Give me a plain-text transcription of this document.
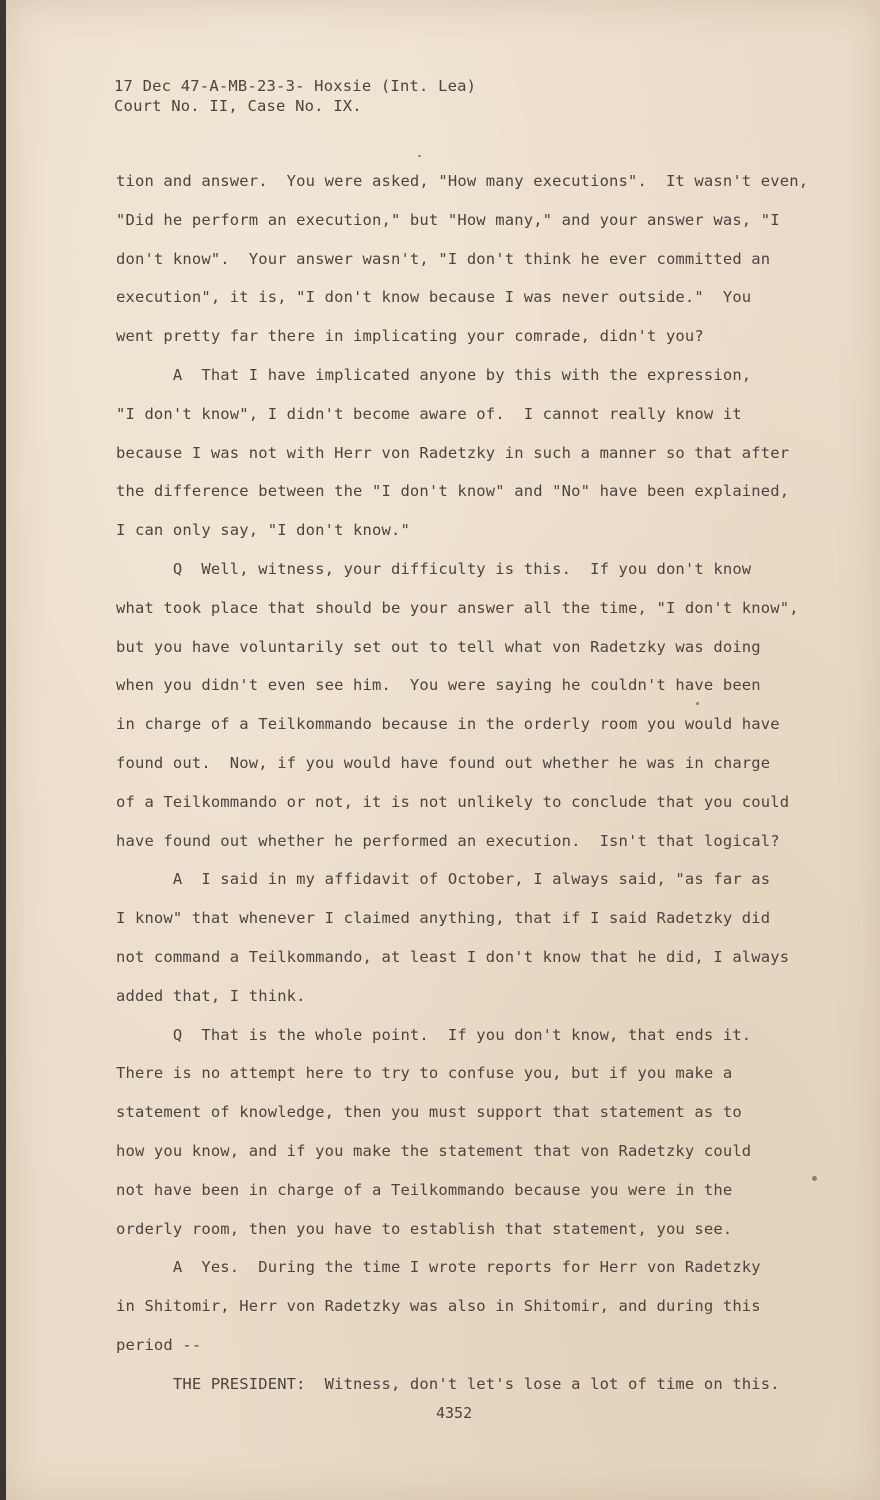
17 Dec 47-A-MB-23-3- Hoxsie (Int. Lea)
Court No. II, Case No. IX.
tion and answer.  You were asked, "How many executions".  It wasn't even,
"Did he perform an execution," but "How many," and your answer was, "I
don't know".  Your answer wasn't, "I don't think he ever committed an
execution", it is, "I don't know because I was never outside."  You
went pretty far there in implicating your comrade, didn't you?
A  That I have implicated anyone by this with the expression,
"I don't know", I didn't become aware of.  I cannot really know it
because I was not with Herr von Radetzky in such a manner so that after
the difference between the "I don't know" and "No" have been explained,
I can only say, "I don't know."
Q  Well, witness, your difficulty is this.  If you don't know
what took place that should be your answer all the time, "I don't know",
but you have voluntarily set out to tell what von Radetzky was doing
when you didn't even see him.  You were saying he couldn't have been
in charge of a Teilkommando because in the orderly room you would have
found out.  Now, if you would have found out whether he was in charge
of a Teilkommando or not, it is not unlikely to conclude that you could
have found out whether he performed an execution.  Isn't that logical?
A  I said in my affidavit of October, I always said, "as far as
I know" that whenever I claimed anything, that if I said Radetzky did
not command a Teilkommando, at least I don't know that he did, I always
added that, I think.
Q  That is the whole point.  If you don't know, that ends it.
There is no attempt here to try to confuse you, but if you make a
statement of knowledge, then you must support that statement as to
how you know, and if you make the statement that von Radetzky could
not have been in charge of a Teilkommando because you were in the
orderly room, then you have to establish that statement, you see.
A  Yes.  During the time I wrote reports for Herr von Radetzky
in Shitomir, Herr von Radetzky was also in Shitomir, and during this
period --
THE PRESIDENT:  Witness, don't let's lose a lot of time on this.
4352
